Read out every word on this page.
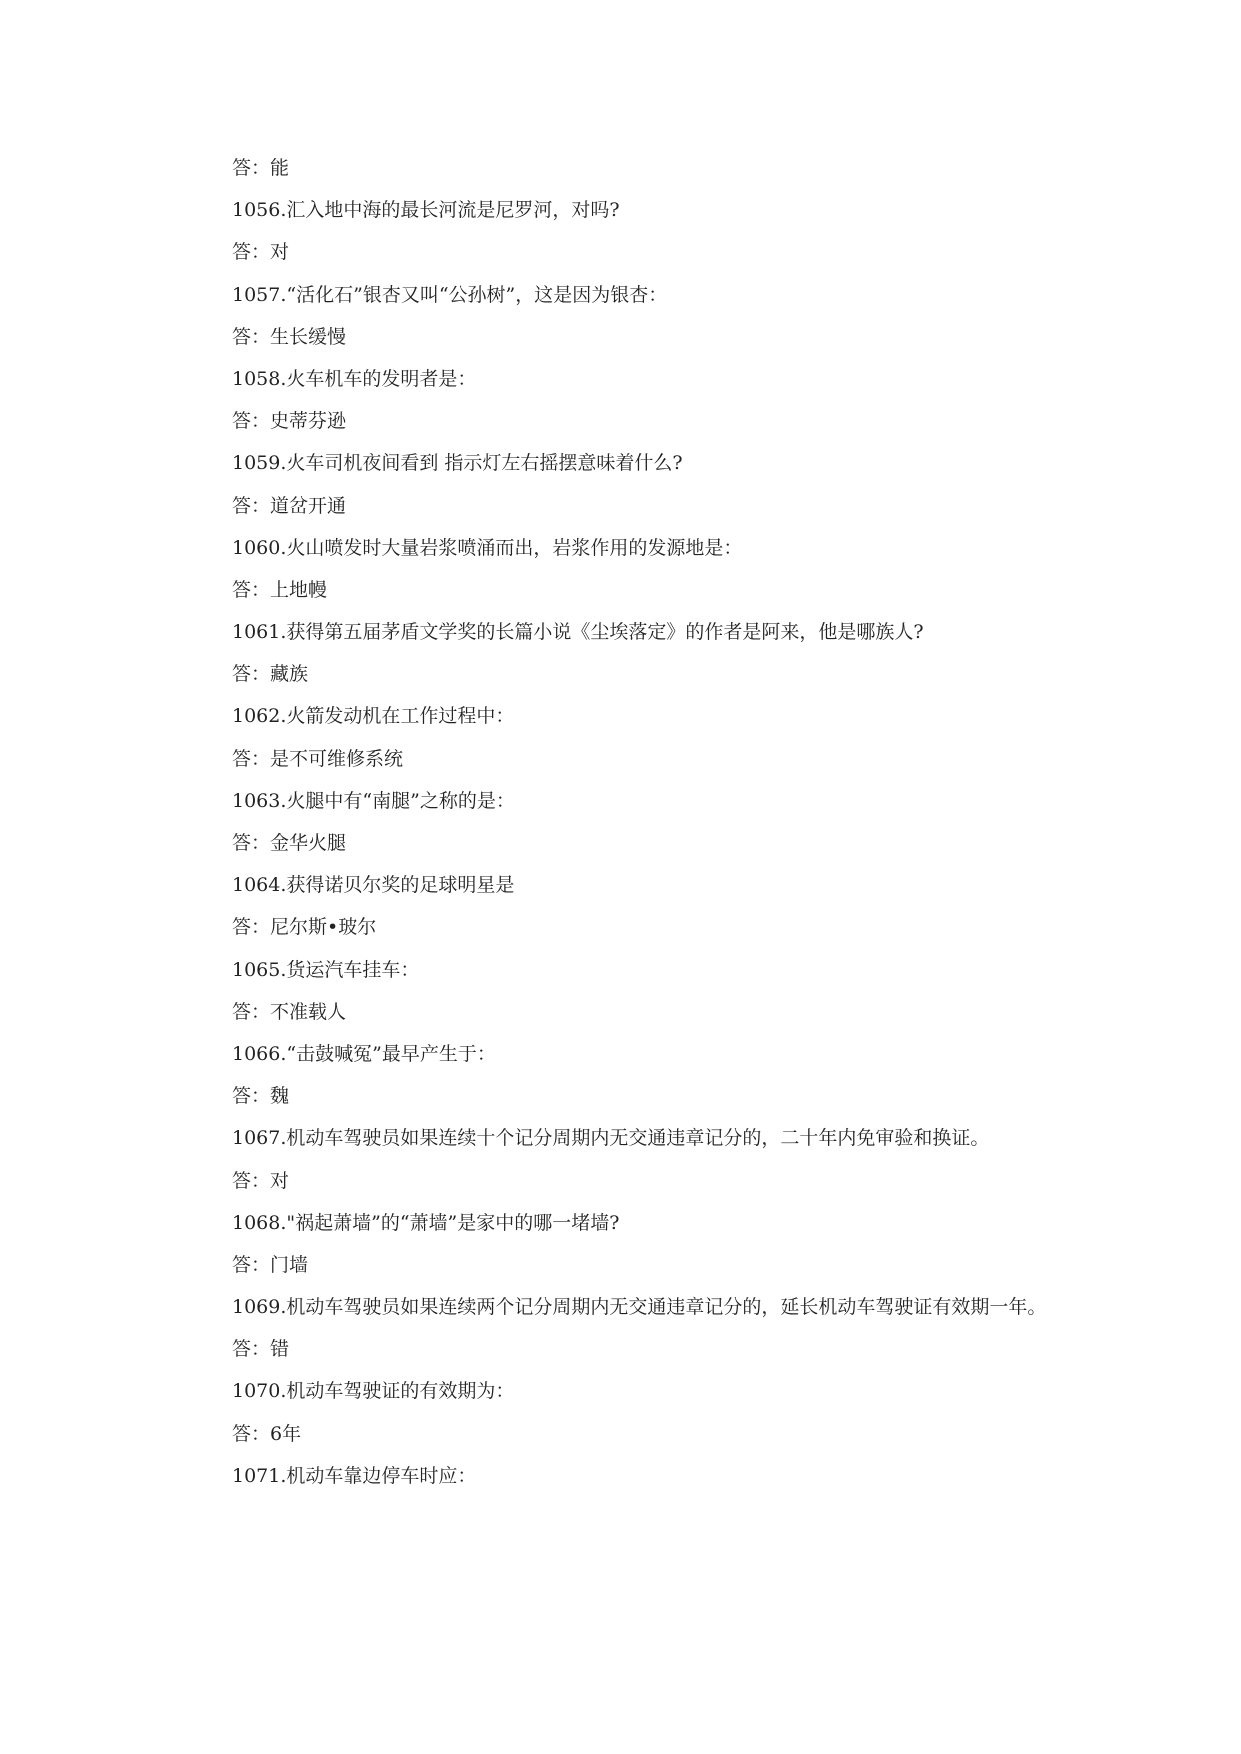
答：能
1056.汇入地中海的最长河流是尼罗河，对吗?
答：对
1057.“活化石”银杏又叫“公孙树”，这是因为银杏：
答：生长缓慢
1058.火车机车的发明者是：
答：史蒂芬逊
1059.火车司机夜间看到 指示灯左右摇摆意味着什么?
答：道岔开通
1060.火山喷发时大量岩浆喷涌而出，岩浆作用的发源地是：
答：上地幔
1061.获得第五届茅盾文学奖的长篇小说《尘埃落定》的作者是阿来，他是哪族人?
答：藏族
1062.火箭发动机在工作过程中：
答：是不可维修系统
1063.火腿中有“南腿”之称的是：
答：金华火腿
1064.获得诺贝尔奖的足球明星是
答：尼尔斯•玻尔
1065.货运汽车挂车：
答：不准载人
1066.“击鼓喊冤”最早产生于：
答：魏
1067.机动车驾驶员如果连续十个记分周期内无交通违章记分的，二十年内免审验和换证。
答：对
1068."祸起萧墙”的“萧墙”是家中的哪一堵墙?
答：门墙
1069.机动车驾驶员如果连续两个记分周期内无交通违章记分的，延长机动车驾驶证有效期一年。
答：错
1070.机动车驾驶证的有效期为：
答：6年
1071.机动车靠边停车时应：
